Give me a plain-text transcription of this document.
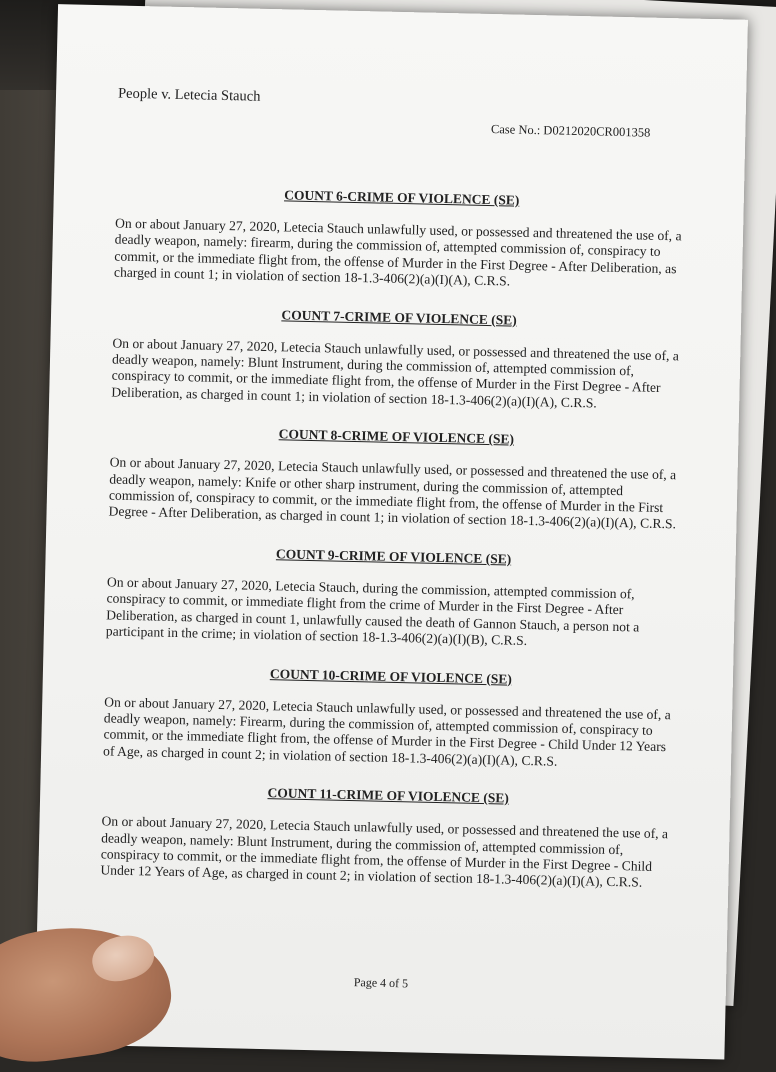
People v. Letecia Stauch
Case No.: D0212020CR001358
COUNT 6-CRIME OF VIOLENCE (SE)
On or about January 27, 2020, Letecia Stauch unlawfully used, or possessed and threatened the use of, a deadly weapon, namely: firearm, during the commission of, attempted commission of, conspiracy to commit, or the immediate flight from, the offense of Murder in the First Degree - After Deliberation, as charged in count 1; in violation of section 18-1.3-406(2)(a)(I)(A), C.R.S.
COUNT 7-CRIME OF VIOLENCE (SE)
On or about January 27, 2020, Letecia Stauch unlawfully used, or possessed and threatened the use of, a deadly weapon, namely: Blunt Instrument, during the commission of, attempted commission of, conspiracy to commit, or the immediate flight from, the offense of Murder in the First Degree - After Deliberation, as charged in count 1; in violation of section 18-1.3-406(2)(a)(I)(A), C.R.S.
COUNT 8-CRIME OF VIOLENCE (SE)
On or about January 27, 2020, Letecia Stauch unlawfully used, or possessed and threatened the use of, a deadly weapon, namely: Knife or other sharp instrument, during the commission of, attempted commission of, conspiracy to commit, or the immediate flight from, the offense of Murder in the First Degree - After Deliberation, as charged in count 1; in violation of section 18-1.3-406(2)(a)(I)(A), C.R.S.
COUNT 9-CRIME OF VIOLENCE (SE)
On or about January 27, 2020, Letecia Stauch, during the commission, attempted commission of, conspiracy to commit, or immediate flight from the crime of Murder in the First Degree - After Deliberation, as charged in count 1, unlawfully caused the death of Gannon Stauch, a person not a participant in the crime; in violation of section 18-1.3-406(2)(a)(I)(B), C.R.S.
COUNT 10-CRIME OF VIOLENCE (SE)
On or about January 27, 2020, Letecia Stauch unlawfully used, or possessed and threatened the use of, a deadly weapon, namely: Firearm, during the commission of, attempted commission of, conspiracy to commit, or the immediate flight from, the offense of Murder in the First Degree - Child Under 12 Years of Age, as charged in count 2; in violation of section 18-1.3-406(2)(a)(I)(A), C.R.S.
COUNT 11-CRIME OF VIOLENCE (SE)
On or about January 27, 2020, Letecia Stauch unlawfully used, or possessed and threatened the use of, a deadly weapon, namely: Blunt Instrument, during the commission of, attempted commission of, conspiracy to commit, or the immediate flight from, the offense of Murder in the First Degree - Child Under 12 Years of Age, as charged in count 2; in violation of section 18-1.3-406(2)(a)(I)(A), C.R.S.
Page 4 of 5
